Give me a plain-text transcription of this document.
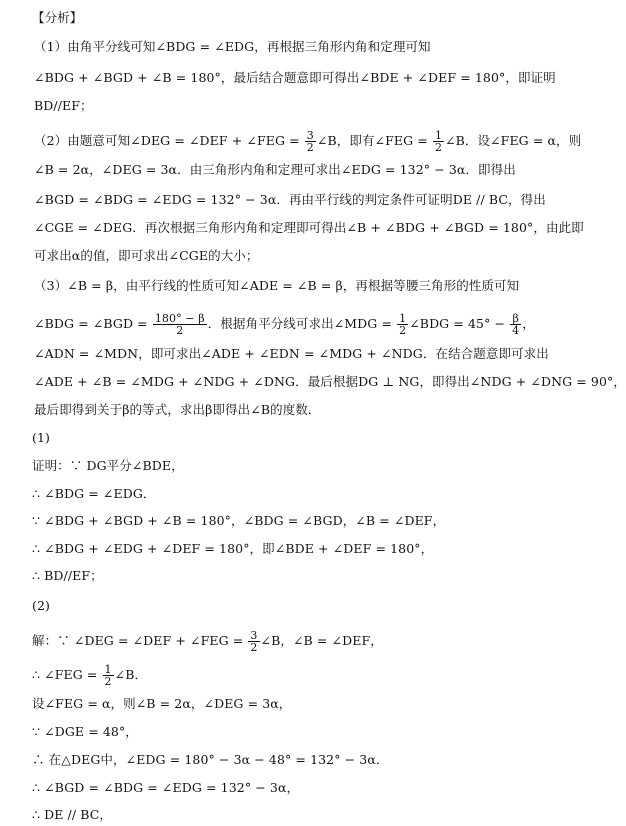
【分析】
（1）由角平分线可知∠BDG = ∠EDG，再根据三角形内角和定理可知
∠BDG + ∠BGD + ∠B = 180°，最后结合题意即可得出∠BDE + ∠DEF = 180°，即证明
BD//EF；
（2）由题意可知∠DEG = ∠DEF + ∠FEG = $\frac{3}{2}$ ∠B，即有∠FEG = $\frac{1}{2}$ ∠B．设∠FEG = α，则
∠B = 2α，∠DEG = 3α．由三角形内角和定理可求出∠EDG = 132° − 3α．即得出
∠BGD = ∠BDG = ∠EDG = 132° − 3α．再由平行线的判定条件可证明DE // BC，得出
∠CGE = ∠DEG．再次根据三角形内角和定理即可得出∠B + ∠BDG + ∠BGD = 180°，由此即
可求出α的值，即可求出∠CGE的大小；
（3）∠B = β，由平行线的性质可知∠ADE = ∠B = β，再根据等腰三角形的性质可知
∠BDG = ∠BGD = $\frac{180^\circ - \beta}{2}$ ．根据角平分线可求出∠MDG = $\frac{1}{2}$ ∠BDG = $45^\circ - \frac{\beta}{4}$ ，
∠ADN = ∠MDN，即可求出∠ADE + ∠EDN = ∠MDG + ∠NDG．在结合题意即可求出
∠ADE + ∠B = ∠MDG + ∠NDG + ∠DNG．最后根据DG ⊥ NG，即得出∠NDG + ∠DNG = 90°，
最后即得到关于β的等式，求出β即得出∠B的度数．
(1)
证明：∵ DG平分∠BDE，
∴ ∠BDG = ∠EDG．
∵ ∠BDG + ∠BGD + ∠B = 180°，∠BDG = ∠BGD，∠B = ∠DEF，
∴ ∠BDG + ∠EDG + ∠DEF = 180°，即∠BDE + ∠DEF = 180°，
∴ BD//EF；
(2)
解：∵ ∠DEG = ∠DEF + ∠FEG = $\frac{3}{2}$ ∠B，∠B = ∠DEF，
∴ ∠FEG = $\frac{1}{2}$ ∠B．
设∠FEG = α，则∠B = 2α，∠DEG = 3α，
∵ ∠DGE = 48°，
∴ 在△DEG中，∠EDG = 180° − 3α − 48° = 132° − 3α．
∴ ∠BGD = ∠BDG = ∠EDG = 132° − 3α，
∴ DE // BC，
